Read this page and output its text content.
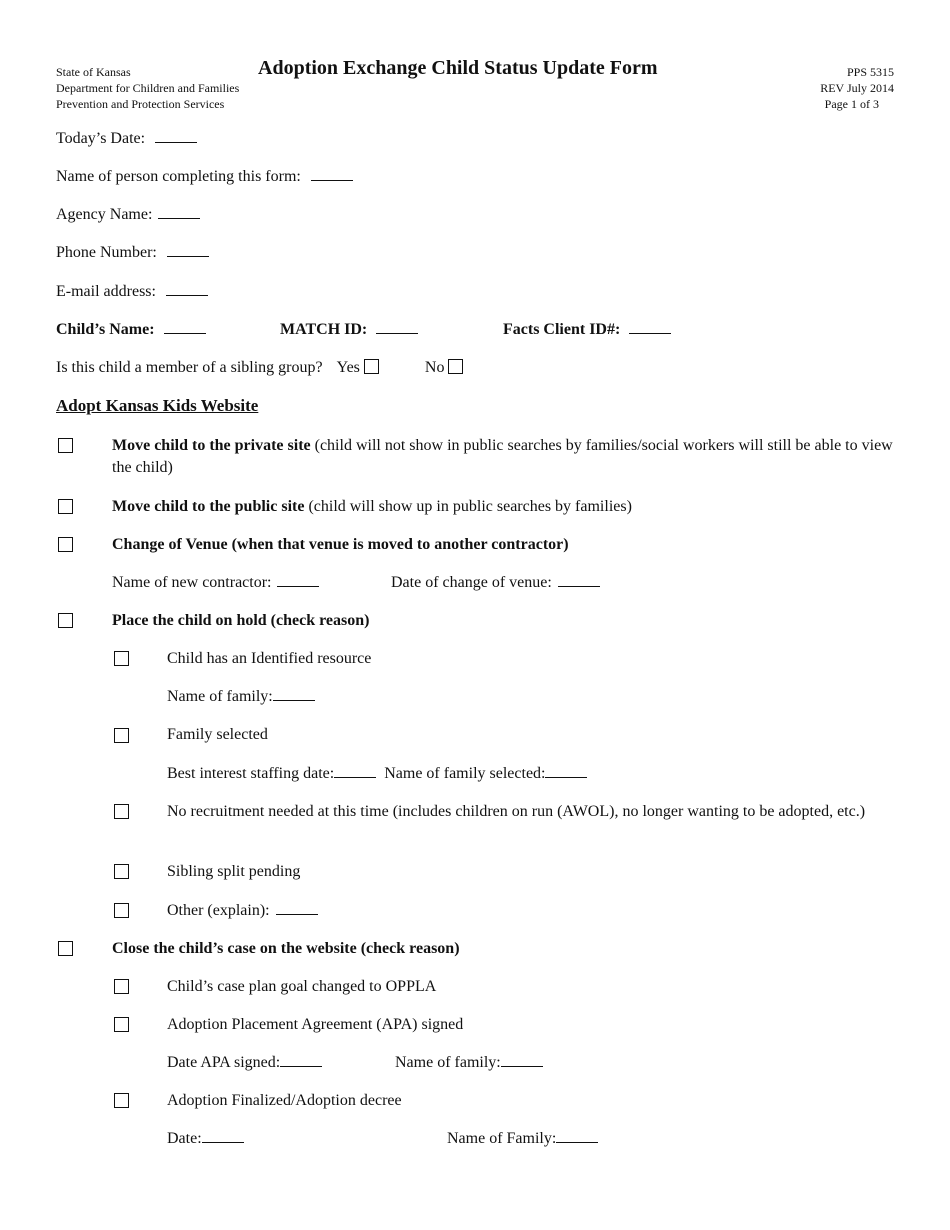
State of Kansas
Department for Children and Families
Prevention and Protection Services
Adoption Exchange Child Status Update Form	PPS 5315
REV July 2014
Page 1 of 3
Today’s Date:
Name of person completing this form:
Agency Name:
Phone Number:
E-mail address:
Child’s Name:	MATCH ID:	Facts Client ID#:
Is this child a member of a sibling group? Yes	No
Adopt Kansas Kids Website
Move child to the private site (child will not show in public searches by families/social workers will still be able to view the child)
Move child to the public site (child will show up in public searches by families)
Change of Venue (when that venue is moved to another contractor)
Name of new contractor:	Date of change of venue:
Place the child on hold (check reason)
Child has an Identified resource
Name of family:
Family selected
Best interest staffing date:	Name of family selected:
No recruitment needed at this time (includes children on run (AWOL), no longer wanting to be adopted, etc.)
Sibling split pending
Other (explain):
Close the child’s case on the website (check reason)
Child’s case plan goal changed to OPPLA
Adoption Placement Agreement (APA) signed
Date APA signed:	Name of family:
Adoption Finalized/Adoption decree
Date:	Name of Family:
